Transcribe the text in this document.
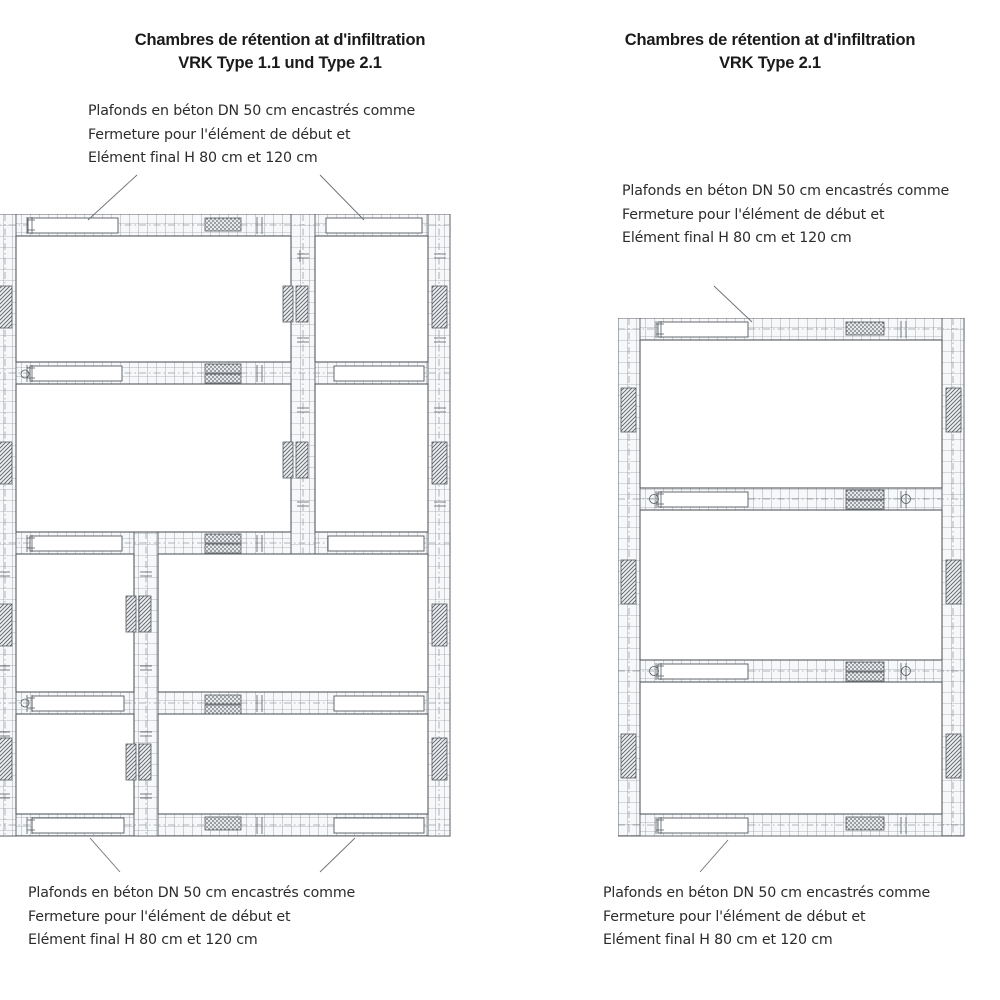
Chambres de rétention at d'infiltration
VRK Type 1.1 und Type 2.1
Chambres de rétention at d'infiltration
VRK Type 2.1
Plafonds en béton DN 50 cm encastrés comme
Fermeture pour l'élément de début et
Elément final H 80 cm et 120 cm
Plafonds en béton DN 50 cm encastrés comme
Fermeture pour l'élément de début et
Elément final H 80 cm et 120 cm
Plafonds en béton DN 50 cm encastrés comme
Fermeture pour l'élément de début et
Elément final H 80 cm et 120 cm
Plafonds en béton DN 50 cm encastrés comme
Fermeture pour l'élément de début et
Elément final H 80 cm et 120 cm
